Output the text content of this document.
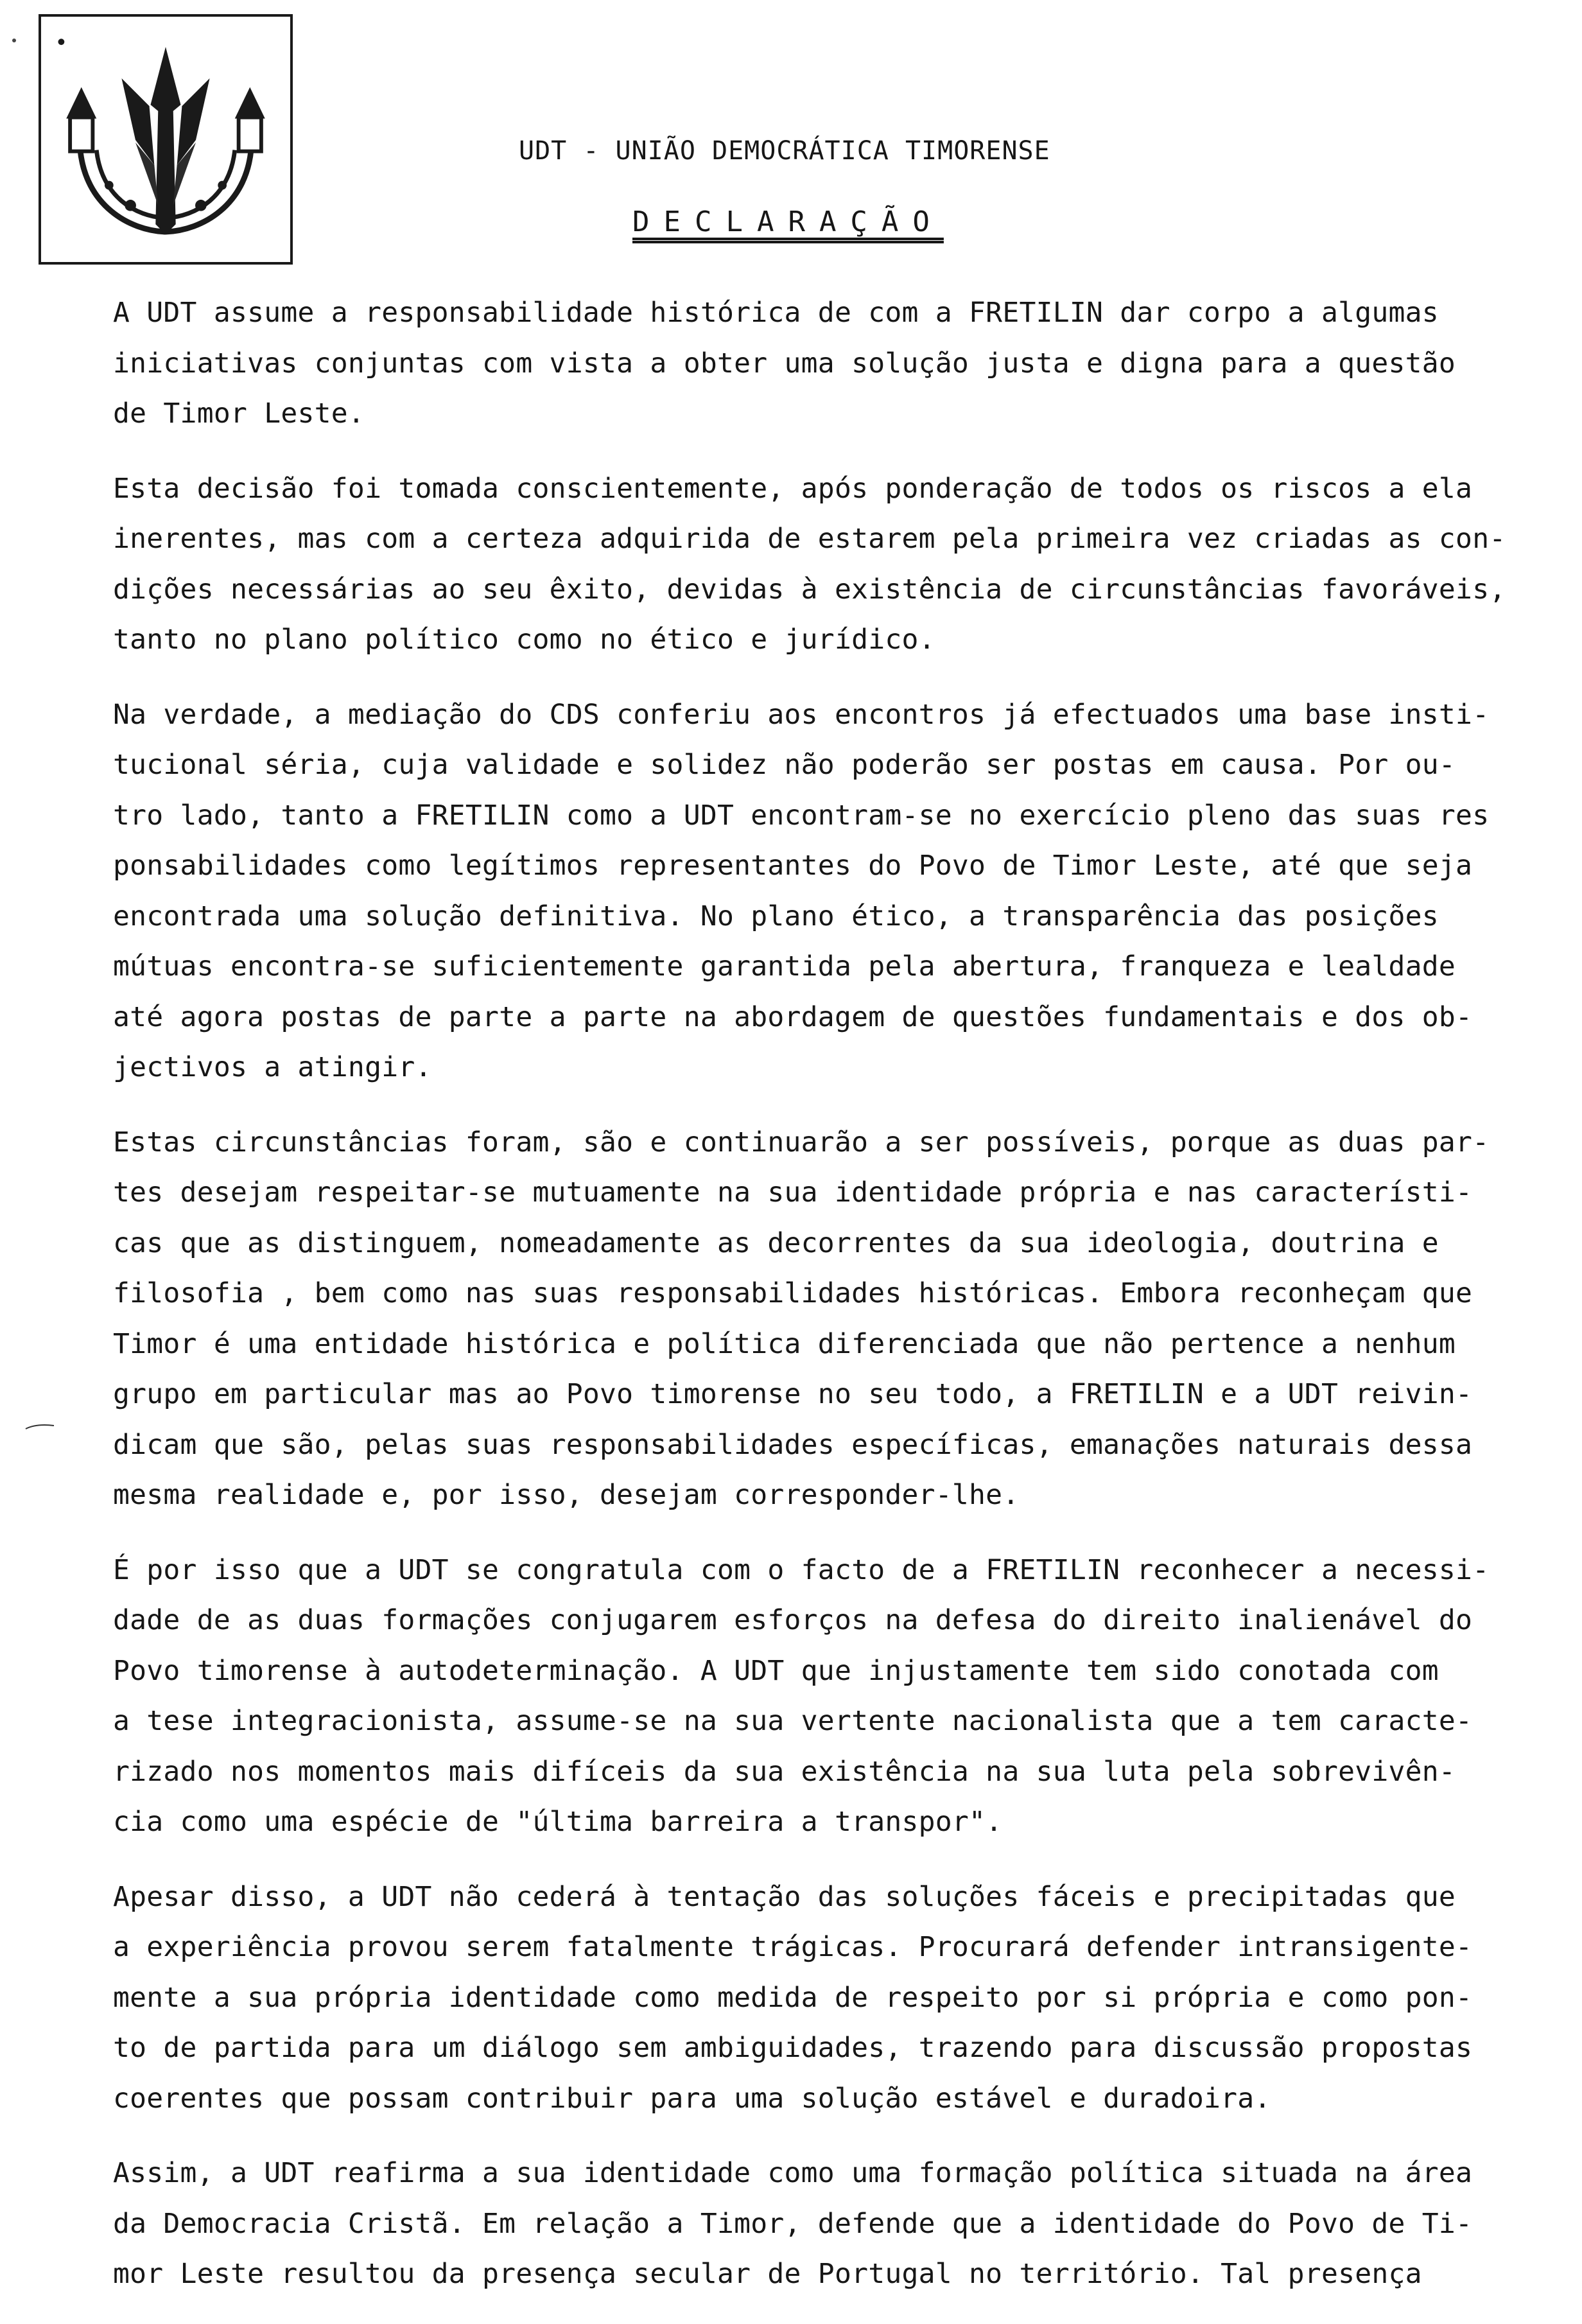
UDT - UNIÃO DEMOCRÁTICA TIMORENSE
DECLARAÇÃO
A UDT assume a responsabilidade histórica de com a FRETILIN dar corpo a algumas
iniciativas conjuntas com vista a obter uma solução justa e digna para a questão
de Timor Leste.
Esta decisão foi tomada conscientemente, após ponderação de todos os riscos a ela
inerentes, mas com a certeza adquirida de estarem pela primeira vez criadas as con-
dições necessárias ao seu êxito, devidas à existência de circunstâncias favoráveis,
tanto no plano político como no ético e jurídico.
Na verdade, a mediação do CDS conferiu aos encontros já efectuados uma base insti-
tucional séria, cuja validade e solidez não poderão ser postas em causa. Por ou-
tro lado, tanto a FRETILIN como a UDT encontram-se no exercício pleno das suas res
ponsabilidades como legítimos representantes do Povo de Timor Leste, até que seja
encontrada uma solução definitiva. No plano ético, a transparência das posições
mútuas encontra-se suficientemente garantida pela abertura, franqueza e lealdade
até agora postas de parte a parte na abordagem de questões fundamentais e dos ob-
jectivos a atingir.
Estas circunstâncias foram, são e continuarão a ser possíveis, porque as duas par-
tes desejam respeitar-se mutuamente na sua identidade própria e nas característi-
cas que as distinguem, nomeadamente as decorrentes da sua ideologia, doutrina e
filosofia , bem como nas suas responsabilidades históricas. Embora reconheçam que
Timor é uma entidade histórica e política diferenciada que não pertence a nenhum
grupo em particular mas ao Povo timorense no seu todo, a FRETILIN e a UDT reivin-
dicam que são, pelas suas responsabilidades específicas, emanações naturais dessa
mesma realidade e, por isso, desejam corresponder-lhe.
É por isso que a UDT se congratula com o facto de a FRETILIN reconhecer a necessi-
dade de as duas formações conjugarem esforços na defesa do direito inalienável do
Povo timorense à autodeterminação. A UDT que injustamente tem sido conotada com
a tese integracionista, assume-se na sua vertente nacionalista que a tem caracte-
rizado nos momentos mais difíceis da sua existência na sua luta pela sobrevivên-
cia como uma espécie de "última barreira a transpor".
Apesar disso, a UDT não cederá à tentação das soluções fáceis e precipitadas que
a experiência provou serem fatalmente trágicas. Procurará defender intransigente-
mente a sua própria identidade como medida de respeito por si própria e como pon-
to de partida para um diálogo sem ambiguidades, trazendo para discussão propostas
coerentes que possam contribuir para uma solução estável e duradoira.
Assim, a UDT reafirma a sua identidade como uma formação política situada na área
da Democracia Cristã. Em relação a Timor, defende que a identidade do Povo de Ti-
mor Leste resultou da presença secular de Portugal no território. Tal presença
